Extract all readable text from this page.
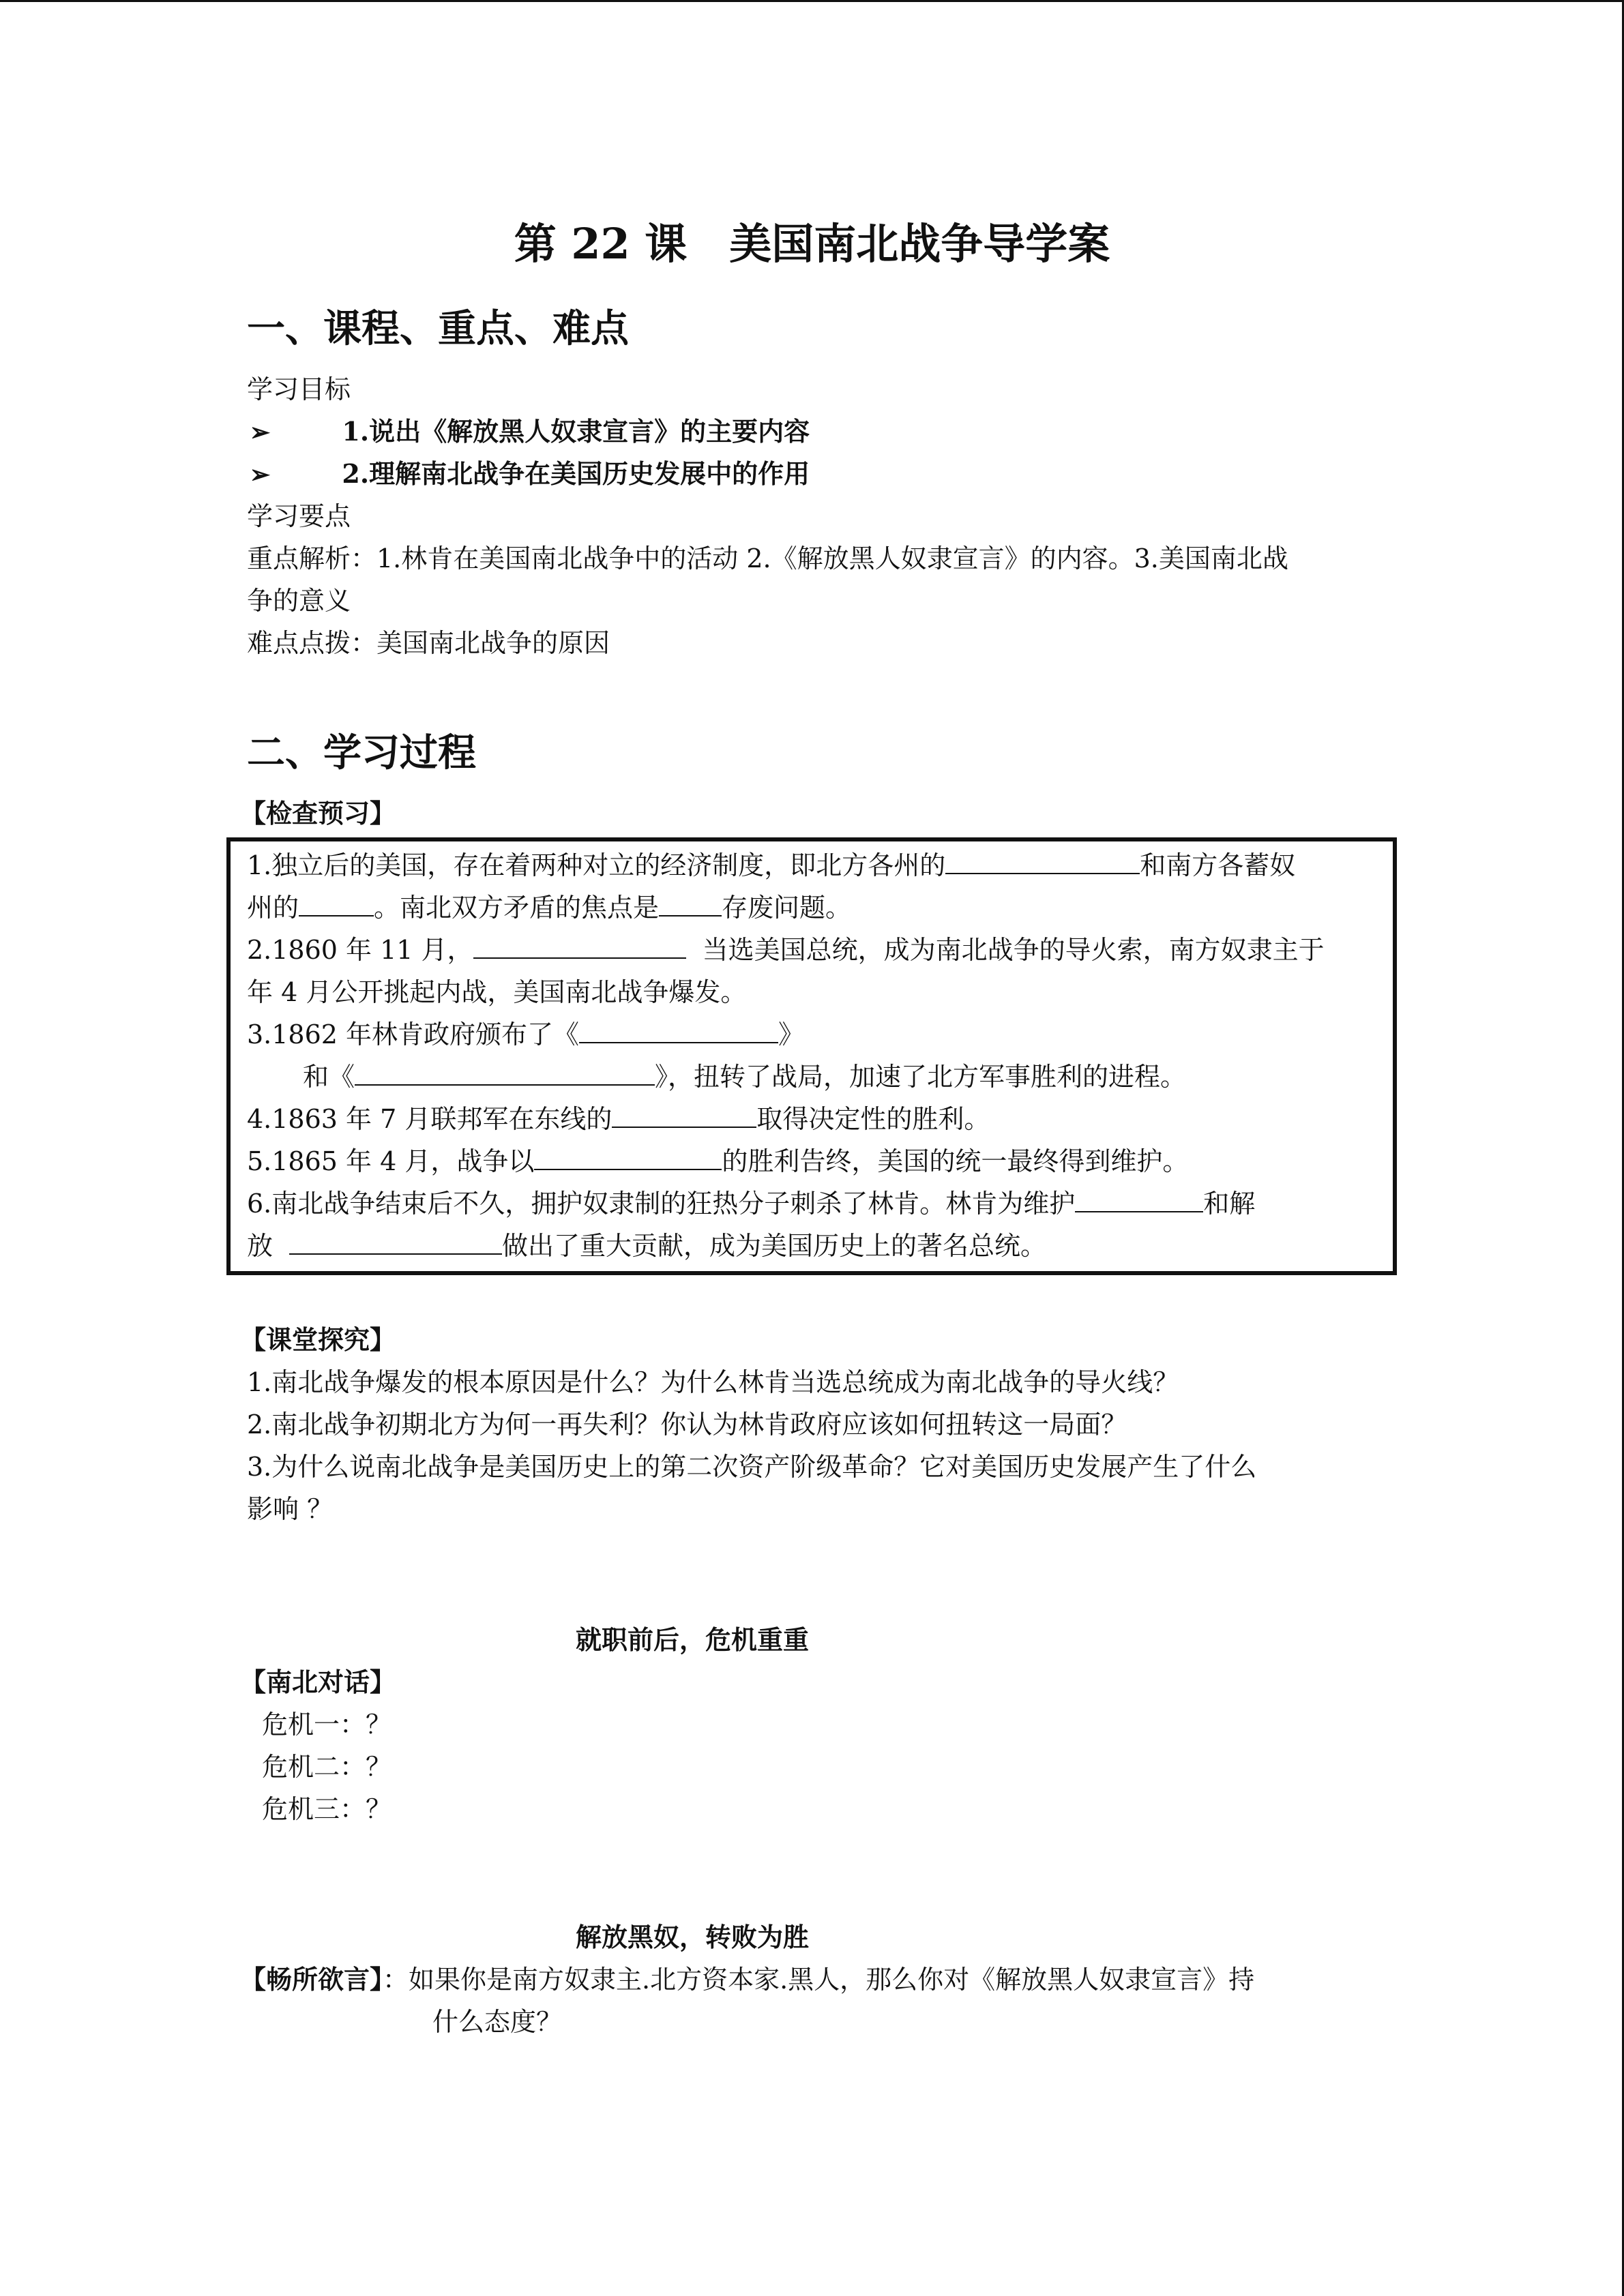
第 22 课　美国南北战争导学案
一、课程、重点、难点
学习目标
➢	1.说出《解放黑人奴隶宣言》的主要内容
➢	2.理解南北战争在美国历史发展中的作用
学习要点
重点解析：1.林肯在美国南北战争中的活动 2.《解放黑人奴隶宣言》的内容。3.美国南北战
争的意义
难点点拨：美国南北战争的原因
二、学习过程
【检查预习】
1.独立后的美国，存在着两种对立的经济制度，即北方各州的	和南方各蓄奴
州的	。南北双方矛盾的焦点是 存废问题。
2.1860 年 11 月，	当选美国总统，成为南北战争的导火索，南方奴隶主于
年 4 月公开挑起内战，美国南北战争爆发。
3.1862 年林肯政府颁布了《	》
和《	》，扭转了战局，加速了北方军事胜利的进程。
4.1863 年 7 月联邦军在东线的	取得决定性的胜利。
5.1865 年 4 月，战争以	的胜利告终，美国的统一最终得到维护。
6.南北战争结束后不久，拥护奴隶制的狂热分子刺杀了林肯。林肯为维护	和解
放	做出了重大贡献，成为美国历史上的著名总统。
【课堂探究】
1.南北战争爆发的根本原因是什么？为什么林肯当选总统成为南北战争的导火线？
2.南北战争初期北方为何一再失利？你认为林肯政府应该如何扭转这一局面？
3.为什么说南北战争是美国历史上的第二次资产阶级革命？它对美国历史发展产生了什么
影响 ？
就职前后，危机重重
【南北对话】
危机一：？
危机二：？
危机三：？
解放黑奴，转败为胜
【畅所欲言】：如果你是南方奴隶主.北方资本家.黑人，那么你对《解放黑人奴隶宣言》持
什么态度？
